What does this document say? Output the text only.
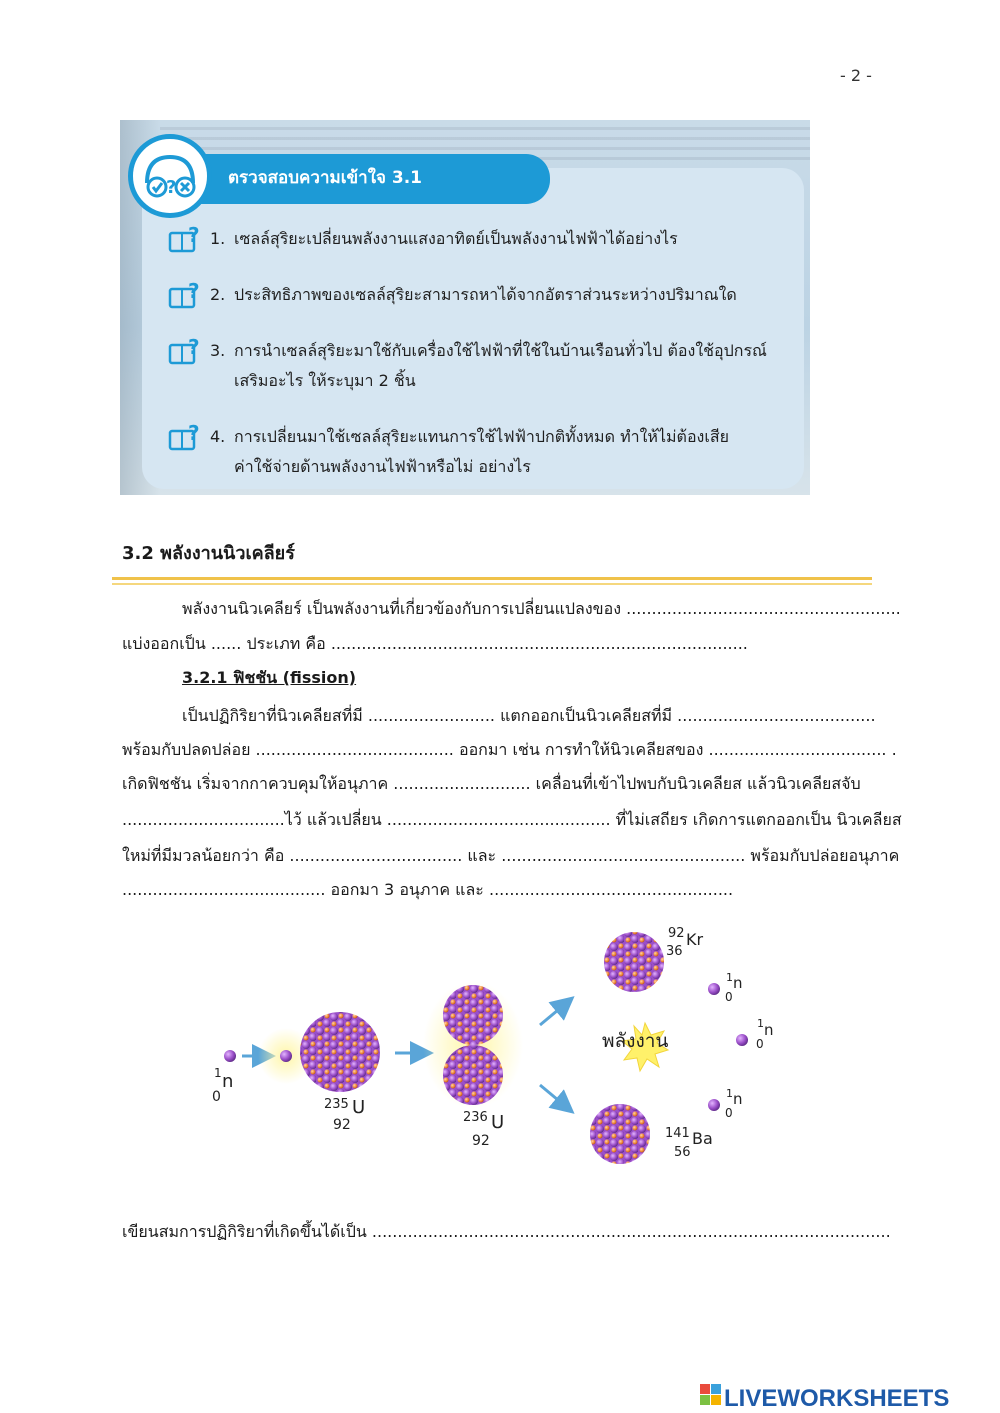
- 2 -
ตรวจสอบความเข้าใจ 3.1
?
? 1. เซลล์สุริยะเปลี่ยนพลังงานแสงอาทิตย์เป็นพลังงานไฟฟ้าได้อย่างไร
? 2. ประสิทธิภาพของเซลล์สุริยะสามารถหาได้จากอัตราส่วนระหว่างปริมาณใด
? 3. การนำเซลล์สุริยะมาใช้กับเครื่องใช้ไฟฟ้าที่ใช้ในบ้านเรือนทั่วไป ต้องใช้อุปกรณ์
เสริมอะไร ให้ระบุมา 2 ชิ้น
? 4. การเปลี่ยนมาใช้เซลล์สุริยะแทนการใช้ไฟฟ้าปกติทั้งหมด ทำให้ไม่ต้องเสีย
ค่าใช้จ่ายด้านพลังงานไฟฟ้าหรือไม่ อย่างไร
3.2 พลังงานนิวเคลียร์
พลังงานนิวเคลียร์ เป็นพลังงานที่เกี่ยวข้องกับการเปลี่ยนแปลงของ ......................................................
แบ่งออกเป็น ...... ประเภท คือ ..................................................................................
3.2.1 ฟิชชัน (fission)
เป็นปฏิกิริยาที่นิวเคลียสที่มี ......................... แตกออกเป็นนิวเคลียสที่มี .......................................
พร้อมกับปลดปล่อย ....................................... ออกมา เช่น การทำให้นิวเคลียสของ ................................... .
เกิดฟิชชัน เริ่มจากกาควบคุมให้อนุภาค ........................... เคลื่อนที่เข้าไปพบกับนิวเคลียส แล้วนิวเคลียสจับ
................................ไว้ แล้วเปลี่ยน ............................................ ที่ไม่เสถียร เกิดการแตกออกเป็น นิวเคลียส
ใหม่ที่มีมวลน้อยกว่า คือ .................................. และ ................................................ พร้อมกับปล่อยอนุภาค
........................................ ออกมา 3 อนุภาค และ ................................................
1 n
0	235 U
92	236 U
92
92
36
Kr
พลังงาน
141 Ba
56
1 n
0
1 n
0
1 n
0
เขียนสมการปฏิกิริยาที่เกิดขึ้นได้เป็น ......................................................................................................
LIVEWORKSHEETS
